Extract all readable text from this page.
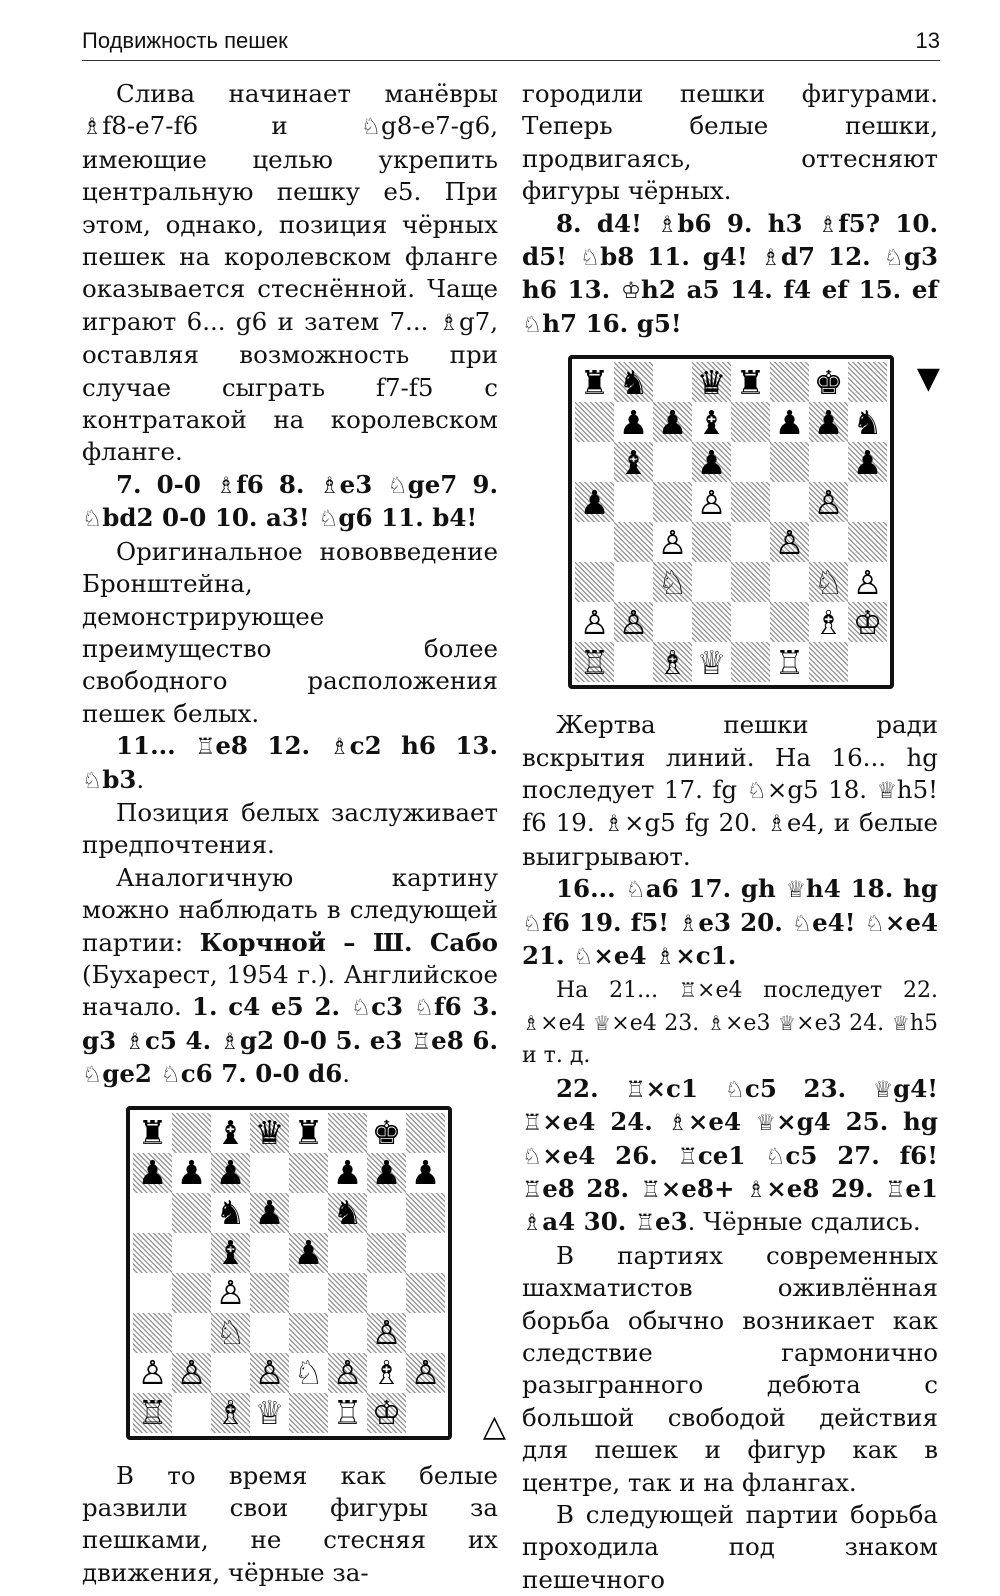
Подвижность пешек	13

Слива начинает манёвры ♗f8-e7-f6 и ♘g8-e7-g6, имеющие целью укрепить центральную пешку е5. При этом, однако, позиция чёрных пешек на королевском фланге оказывается стеснённой. Чаще играют 6... g6 и затем 7... ♗g7, оставляя возможность при случае сыграть f7-f5 с контратакой на королевском фланге.

7. 0-0 ♗f6 8. ♗e3 ♘ge7 9. ♘bd2 0-0 10. a3! ♘g6 11. b4!

Оригинальное нововведение Бронштейна, демонстрирующее преимущество более свободного расположения пешек белых.

11... ♖e8 12. ♗c2 h6 13. ♘b3.

Позиция белых заслуживает предпочтения.

Аналогичную картину можно наблюдать в следующей партии: Корчной – Ш. Сабо (Бухарест, 1954 г.). Английское начало. 1. c4 e5 2. ♘c3 ♘f6 3. g3 ♗c5 4. ♗g2 0-0 5. e3 ♖e8 6. ♘ge2 ♘c6 7. 0-0 d6.

♜ ♝ ♛ ♜ ♚
♟ ♟ ♟	♟ ♟ ♟
♞ ♟ ♞
♝ ♟
♙
♘	♙
♙ ♙ ♙ ♘ ♙ ♗ ♙
♖ ♗ ♕ ♖ ♔	△

В то время как белые развили свои фигуры за пешками, не стесняя их движения, чёрные за-

городили пешки фигурами. Теперь белые пешки, продвигаясь, оттесняют фигуры чёрных.

8. d4! ♗b6 9. h3 ♗f5? 10. d5! ♘b8 11. g4! ♗d7 12. ♘g3 h6 13. ♔h2 a5 14. f4 ef 15. ef ♘h7 16. g5!

♜ ♞ ♛ ♜ ♚
♟ ♟ ♝ ♟ ♟ ♞
♝ ♟	♟
♟	♙	♙
♙	♙
♘	♘ ♙
♙ ♙	♗ ♔
♖ ♗ ♕ ♖
▼

Жертва пешки ради вскрытия линий. На 16... hg последует 17. fg ♘×g5 18. ♕h5! f6 19. ♗×g5 fg 20. ♗e4, и белые выигрывают.

16... ♘a6 17. gh ♕h4 18. hg ♘f6 19. f5! ♗e3 20. ♘e4! ♘×e4 21. ♘×e4 ♗×c1.

На 21... ♖×e4 последует 22. ♗×e4 ♕×e4 23. ♗×e3 ♕×e3 24. ♕h5 и т. д.

22. ♖×c1 ♘c5 23. ♕g4! ♖×e4 24. ♗×e4 ♕×g4 25. hg ♘×e4 26. ♖ce1 ♘c5 27. f6! ♖e8 28. ♖×e8+ ♗×e8 29. ♖e1 ♗a4 30. ♖e3. Чёрные сдались.

В партиях современных шахматистов оживлённая борьба обычно возникает как следствие гармонично разыгранного дебюта с большой свободой действия для пешек и фигур как в центре, так и на флангах.

В следующей партии борьба проходила под знаком пешечного
